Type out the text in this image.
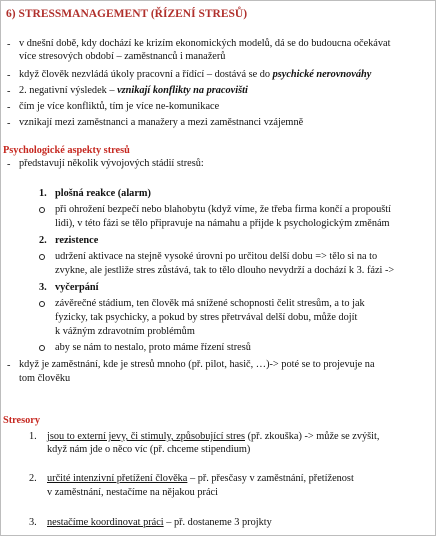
6) STRESSMANAGEMENT (ŘÍZENÍ STRESŮ)
- v dnešní době, kdy dochází ke krizím ekonomických modelů, dá se do budoucna očekávat
více stresových období – zaměstnanců i manažerů
- když člověk nezvládá úkoly pracovní a řídící – dostává se do psychické nerovnováhy
- 2. negativní výsledek – vznikají konflikty na pracovišti
- čím je více konfliktů, tím je více ne-komunikace
- vznikají mezi zaměstnanci a manažery a mezi zaměstnanci vzájemně
Psychologické aspekty stresů
- představují několik vývojových stádií stresů:
1. plošná reakce (alarm)
při ohrožení bezpečí nebo blahobytu (když víme, že třeba firma končí a propouští
lidi), v této fázi se tělo připravuje na námahu a přijde k psychologickým změnám
2. rezistence
udržení aktivace na stejně vysoké úrovni po určitou delší dobu => tělo si na to
zvykne, ale jestliže stres zůstává, tak to tělo dlouho nevydrží a dochází k 3. fázi ->
3. vyčerpání
závěrečné stádium, ten člověk má snížené schopnosti čelit stresům, a to jak
fyzicky, tak psychicky, a pokud by stres přetrvával delší dobu, může dojít
k vážným zdravotním problémům
aby se nám to nestalo, proto máme řízení stresů
- když je zaměstnání, kde je stresů mnoho (př. pilot, hasič, …)-> poté se to projevuje na
tom člověku
Stresory
1. jsou to externí jevy, či stimuly, způsobující stres (př. zkouška) -> může se zvýšit,
když nám jde o něco víc (př. chceme stipendium)
2. určité intenzivní přetížení člověka – př. přesčasy v zaměstnání, přetíženost
v zaměstnání, nestačíme na nějakou práci
3. nestačíme koordinovat práci – př. dostaneme 3 projkty
